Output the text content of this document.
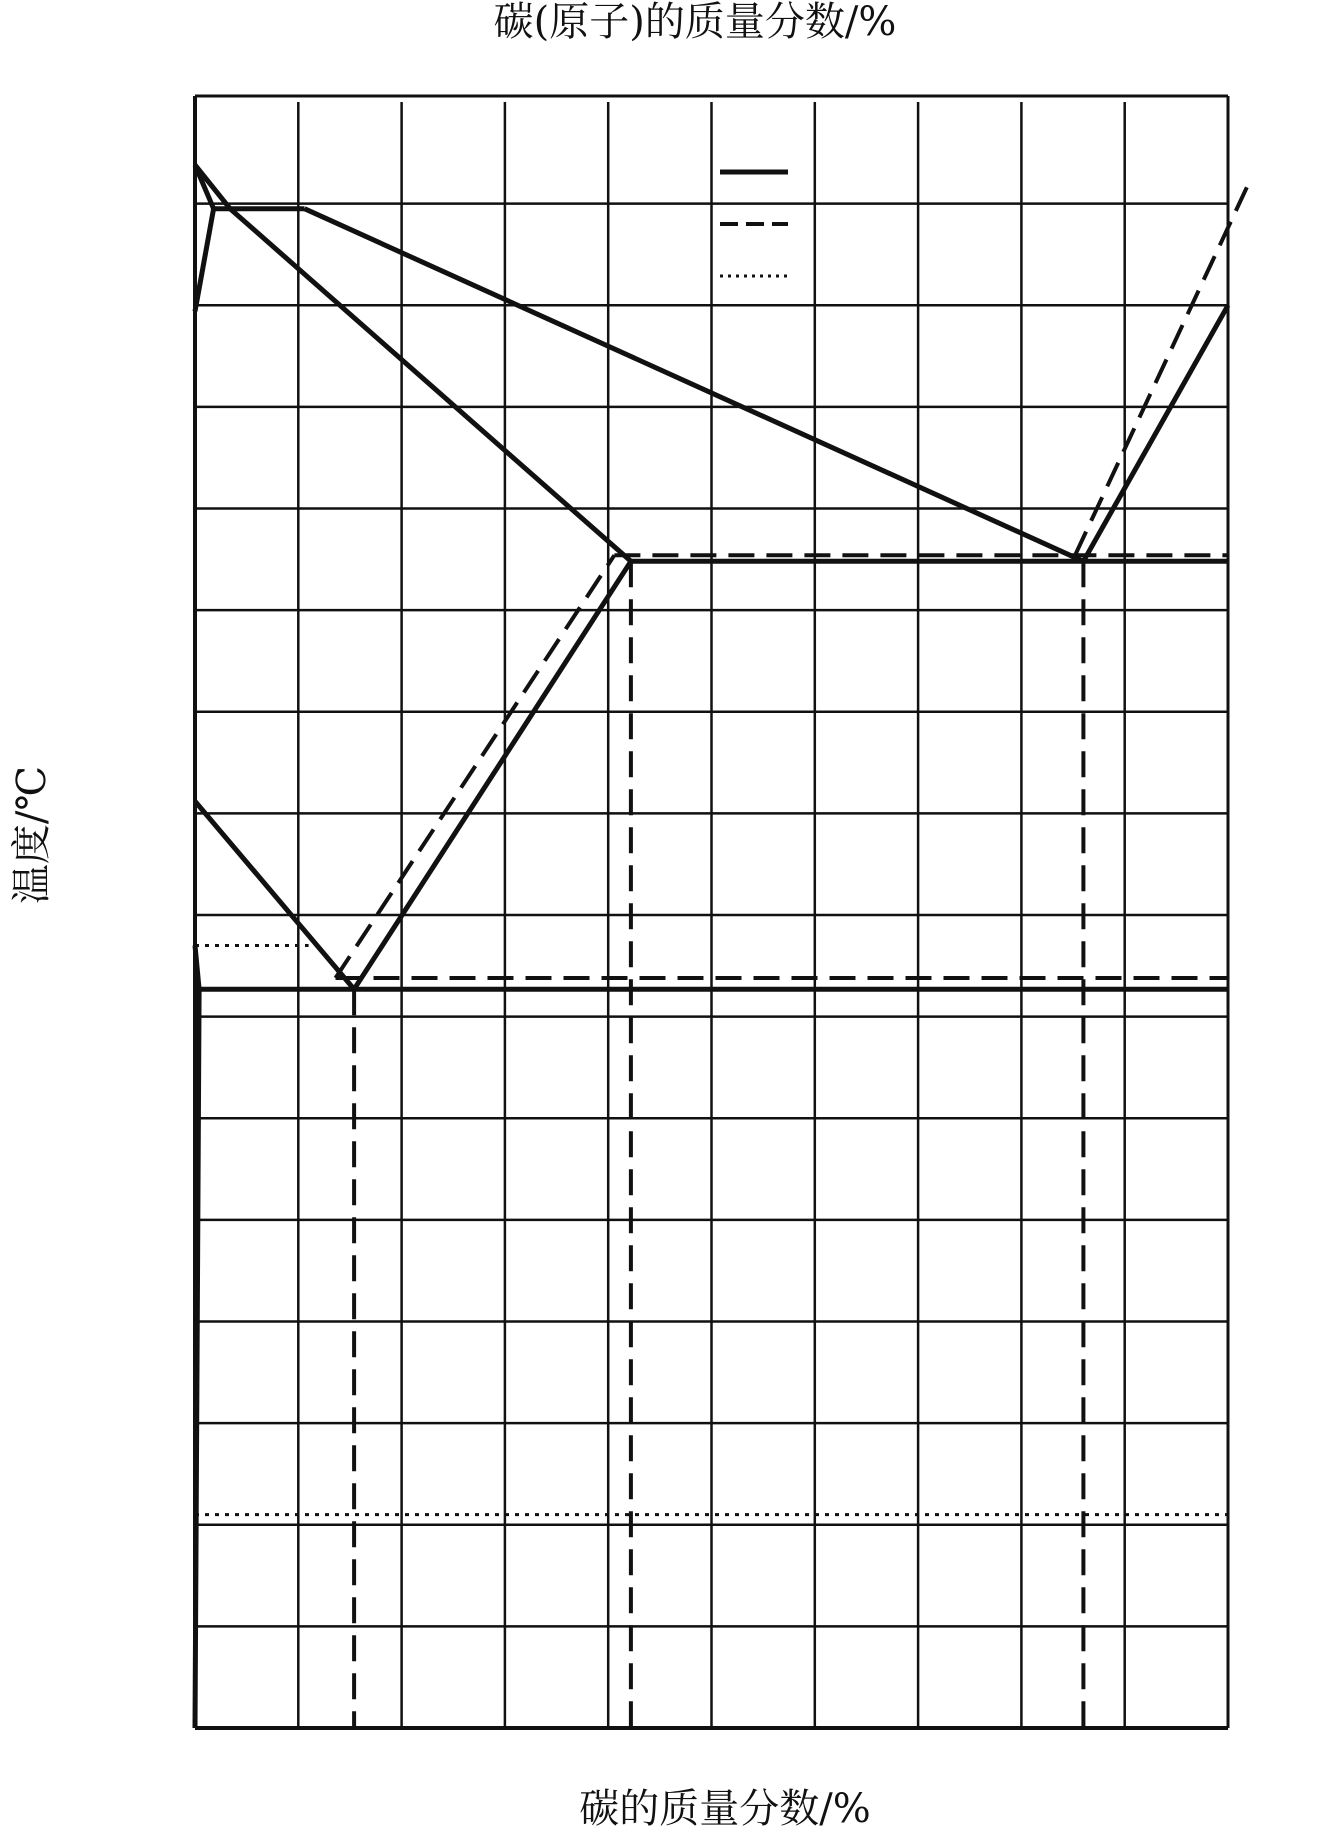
碳的质量分数/%
碳(原子)的质量分数/%
温度/℃
